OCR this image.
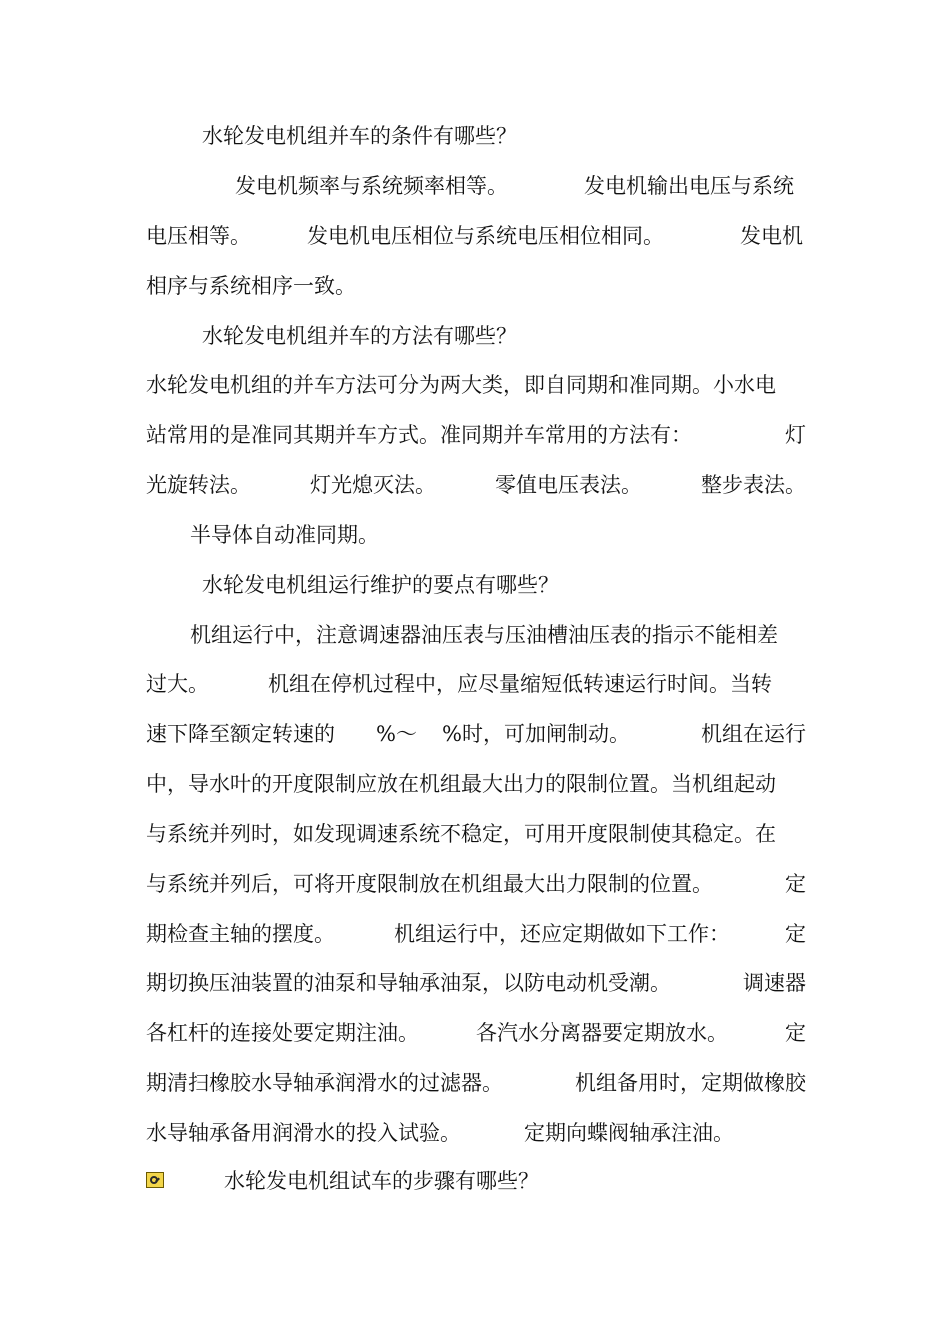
水轮发电机组并车的条件有哪些？
发电机频率与系统频率相等。	发电机输出电压与系统
电压相等。	发电机电压相位与系统电压相位相同。	发电机
相序与系统相序一致。
水轮发电机组并车的方法有哪些？
水轮发电机组的并车方法可分为两大类，即自同期和准同期。小水电
站常用的是准同其期并车方式。准同期并车常用的方法有：	灯
光旋转法。	灯光熄灭法。	零值电压表法。	整步表法。
半导体自动准同期。
水轮发电机组运行维护的要点有哪些？
机组运行中，注意调速器油压表与压油槽油压表的指示不能相差
过大。	机组在停机过程中，应尽量缩短低转速运行时间。当转
速下降至额定转速的 %～ %时，可加闸制动。	机组在运行
中，导水叶的开度限制应放在机组最大出力的限制位置。当机组起动
与系统并列时，如发现调速系统不稳定，可用开度限制使其稳定。在
与系统并列后，可将开度限制放在机组最大出力限制的位置。	定
期检查主轴的摆度。	机组运行中，还应定期做如下工作：	定
期切换压油装置的油泵和导轴承油泵，以防电动机受潮。	调速器
各杠杆的连接处要定期注油。	各汽水分离器要定期放水。	定
期清扫橡胶水导轴承润滑水的过滤器。	机组备用时，定期做橡胶
水导轴承备用润滑水的投入试验。	定期向蝶阀轴承注油。
水轮发电机组试车的步骤有哪些？
